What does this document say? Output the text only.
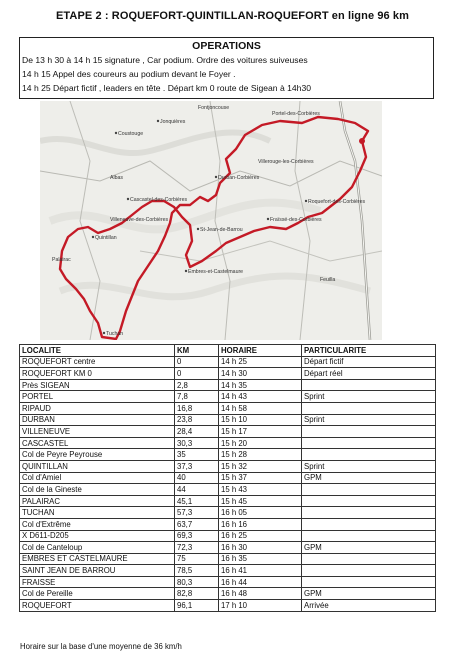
ETAPE 2 : ROQUEFORT-QUINTILLAN-ROQUEFORT en ligne 96 km
OPERATIONS
De 13 h 30 à 14 h 15 signature , Car podium. Ordre des voitures suiveuses
14 h 15 Appel des coureurs au podium devant le Foyer .
14 h 25 Départ fictif , leaders en tête . Départ km 0 route de Sigean à 14h30
Coustouge
Jonquières
Portel-des-Corbières
Fontjoncouse
Villeneuve-des-Corbières
Durban-Corbières
Cascastel-des-Corbières
Villerouge-les-Corbières
Quintillan
St-Jean-de-Barrou
Fraïssé-des-Corbières
Embres-et-Castelmaure
Roquefort-des-Corbières
Feuilla
Tuchan
Albas
Palairac
LOCALITE	KM	HORAIRE	PARTICULARITE
ROQUEFORT centre	0	14 h 25	Départ fictif
ROQUEFORT KM 0	0	14 h 30	Départ réel
Près SIGEAN	2,8	14 h 35	
PORTEL	7,8	14 h 43	Sprint
RIPAUD	16,8	14 h 58	
DURBAN	23,8	15 h 10	Sprint
VILLENEUVE	28,4	15 h 17	
CASCASTEL	30,3	15 h 20	
Col de Peyre Peyrouse	35	15 h 28	
QUINTILLAN	37,3	15 h 32	Sprint
Col d'Amiel	40	15 h 37	GPM
Col de la Gineste	44	15 h 43	
PALAIRAC	45,1	15 h 45	
TUCHAN	57,3	16 h 05	
Col d'Extrême	63,7	16 h 16	
X D611-D205	69,3	16 h 25	
Col de Canteloup	72,3	16 h 30	GPM
EMBRES ET CASTELMAURE	75	16 h 35	
SAINT JEAN DE BARROU	78,5	16 h 41	
FRAISSE	80,3	16 h 44	
Col de Pereille	82,8	16 h 48	GPM
ROQUEFORT	96,1	17 h 10	Arrivée
Horaire sur la base d'une moyenne de 36 km/h
